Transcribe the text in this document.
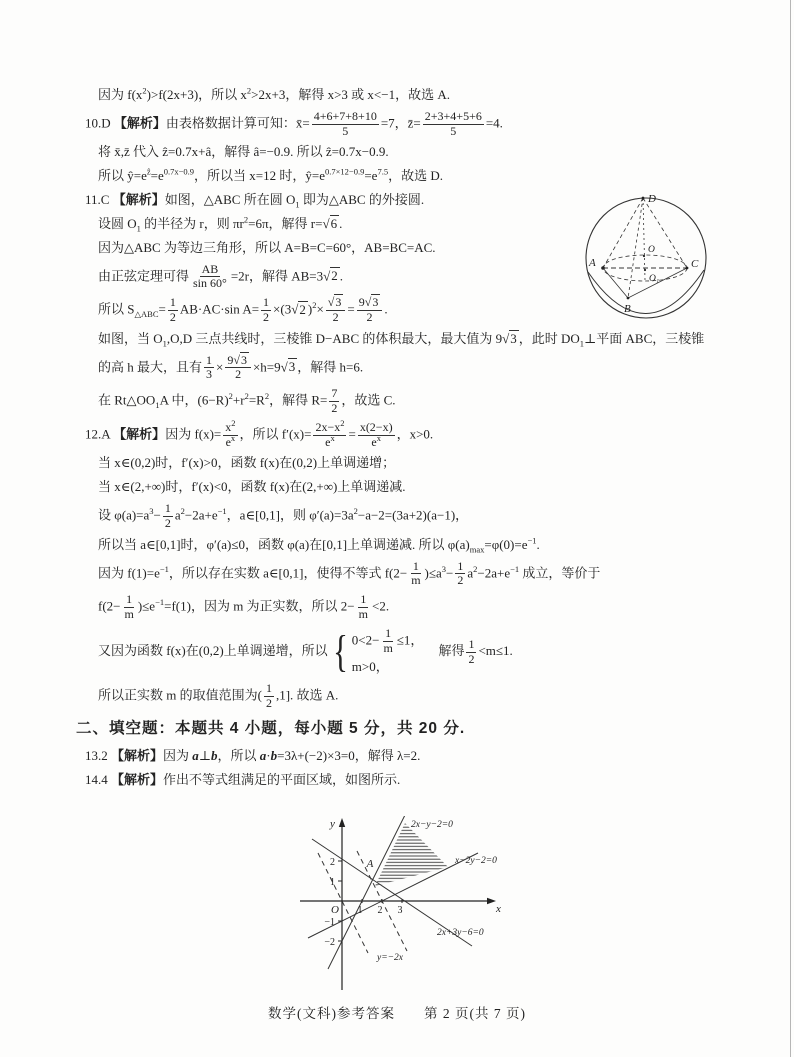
因为 $f(x^2)>f(2x+3)$，所以 $x^2>2x+3$，解得 x>3 或 x<−1，故选 A.
10.D 【解析】由表格数据计算可知：x̄= $\frac{4+6+7+8+10}{5} =7$，z̄= $\frac{2+3+4+5+6}{5} =4$.
将 x̄,z̄ 代入 ẑ=0.7x+â，解得 â=−0.9. 所以 ẑ=0.7x−0.9.
所以 $ŷ=e^ẑ=e^{0.7x-0.9}$，所以当 x=12 时，$ŷ=e^{0.7\times 12-0.9}=e^{7.5}$，故选 D.
11.C 【解析】如图，△ABC 所在圆 $O_1$ 即为△ABC 的外接圆.
设圆 $O_1$ 的半径为 r，则 $\pi r^2=6\pi$，解得 r=√6 .
因为△ABC 为等边三角形，所以 A=B=C=60°，AB=BC=AC.
由正弦定理可得 $\frac{AB}{\sin 60^\circ} =2r$，解得 AB=3√2 .
所以 $S_{\triangle ABC}= \frac{1}{2} AB\cdot AC\cdot\sin$ $A= \frac{1}{2} \times(3√2$ )$^2\times \frac{√3}{2} = \frac{9√3}{2}$ .
如图，当 $O_1,O,D$ 三点共线时，三棱锥 D−ABC 的体积最大，最大值为 9√3 ，此时 $DO_1\perp$平面 ABC，三棱锥
的高 h 最大，且有 $\frac{1}{3} \times \frac{9√3}{2} \times h=9√3$ ，解得 h=6.
在 $Rt\triangle OO_1A$ 中，$(6-R)^2+r^2=R^2$，解得 $R= \frac{7}{2}$ ，故选 C.
12.A 【解析】因为 $f(x)= \frac{x^2}{e^x}$ ，所以 $f'(x)= \frac{2x-x^2}{e^x} = \frac{x(2-x)}{e^x}$ ，x>0.
当 x∈(0,2)时，f′(x)>0，函数 f(x)在(0,2)上单调递增；
当 x∈(2,+∞)时，f′(x)<0，函数 f(x)在(2,+∞)上单调递减.
设 $\varphi(a)=a^3- \frac{1}{2} a^2-2a+e^{-1}$，a∈[0,1]，则 $\varphi'(a)=3a^2-a-2=(3a+2)(a-1)$，
所以当 a∈[0,1]时，φ′(a)≤0，函数 φ(a)在[0,1]上单调递减. 所以 $\varphi(a)_{max}=\varphi(0)=e^{-1}$.
因为 $f(1)=e^{-1}$，所以存在实数 a∈[0,1]，使得不等式 $f(2- \frac{1}{m} )\le a^3- \frac{1}{2} a^2-2a+e^{-1}$ 成立，等价于
$f(2- \frac{1}{m} )\le e^{-1}=f(1)$，因为 m 为正实数，所以 $2- \frac{1}{m} <2$.
又因为函数 f(x)在(0,2)上单调递增，所以 { $0<2- \frac{1}{m} \le 1$，
m>0，
　解得 $\frac{1}{2} <m\le 1$.
所以正实数 m 的取值范围为( $\frac{1}{2} ,1$]. 故选 A.
二、填空题：本题共 4 小题，每小题 5 分，共 20 分.
13.2 【解析】因为 a⊥b，所以 a·b=3λ+(−2)×3=0，解得 λ=2.
14.4 【解析】作出不等式组满足的平面区域，如图所示.
D
A	C
B
O
O₁
1 2 3
2
1
−1
−2
y
x
O
A
2x−y−2=0
x−2y−2=0
2x+3y−6=0
y=−2x
数学(文科)参考答案　　第 2 页(共 7 页)
